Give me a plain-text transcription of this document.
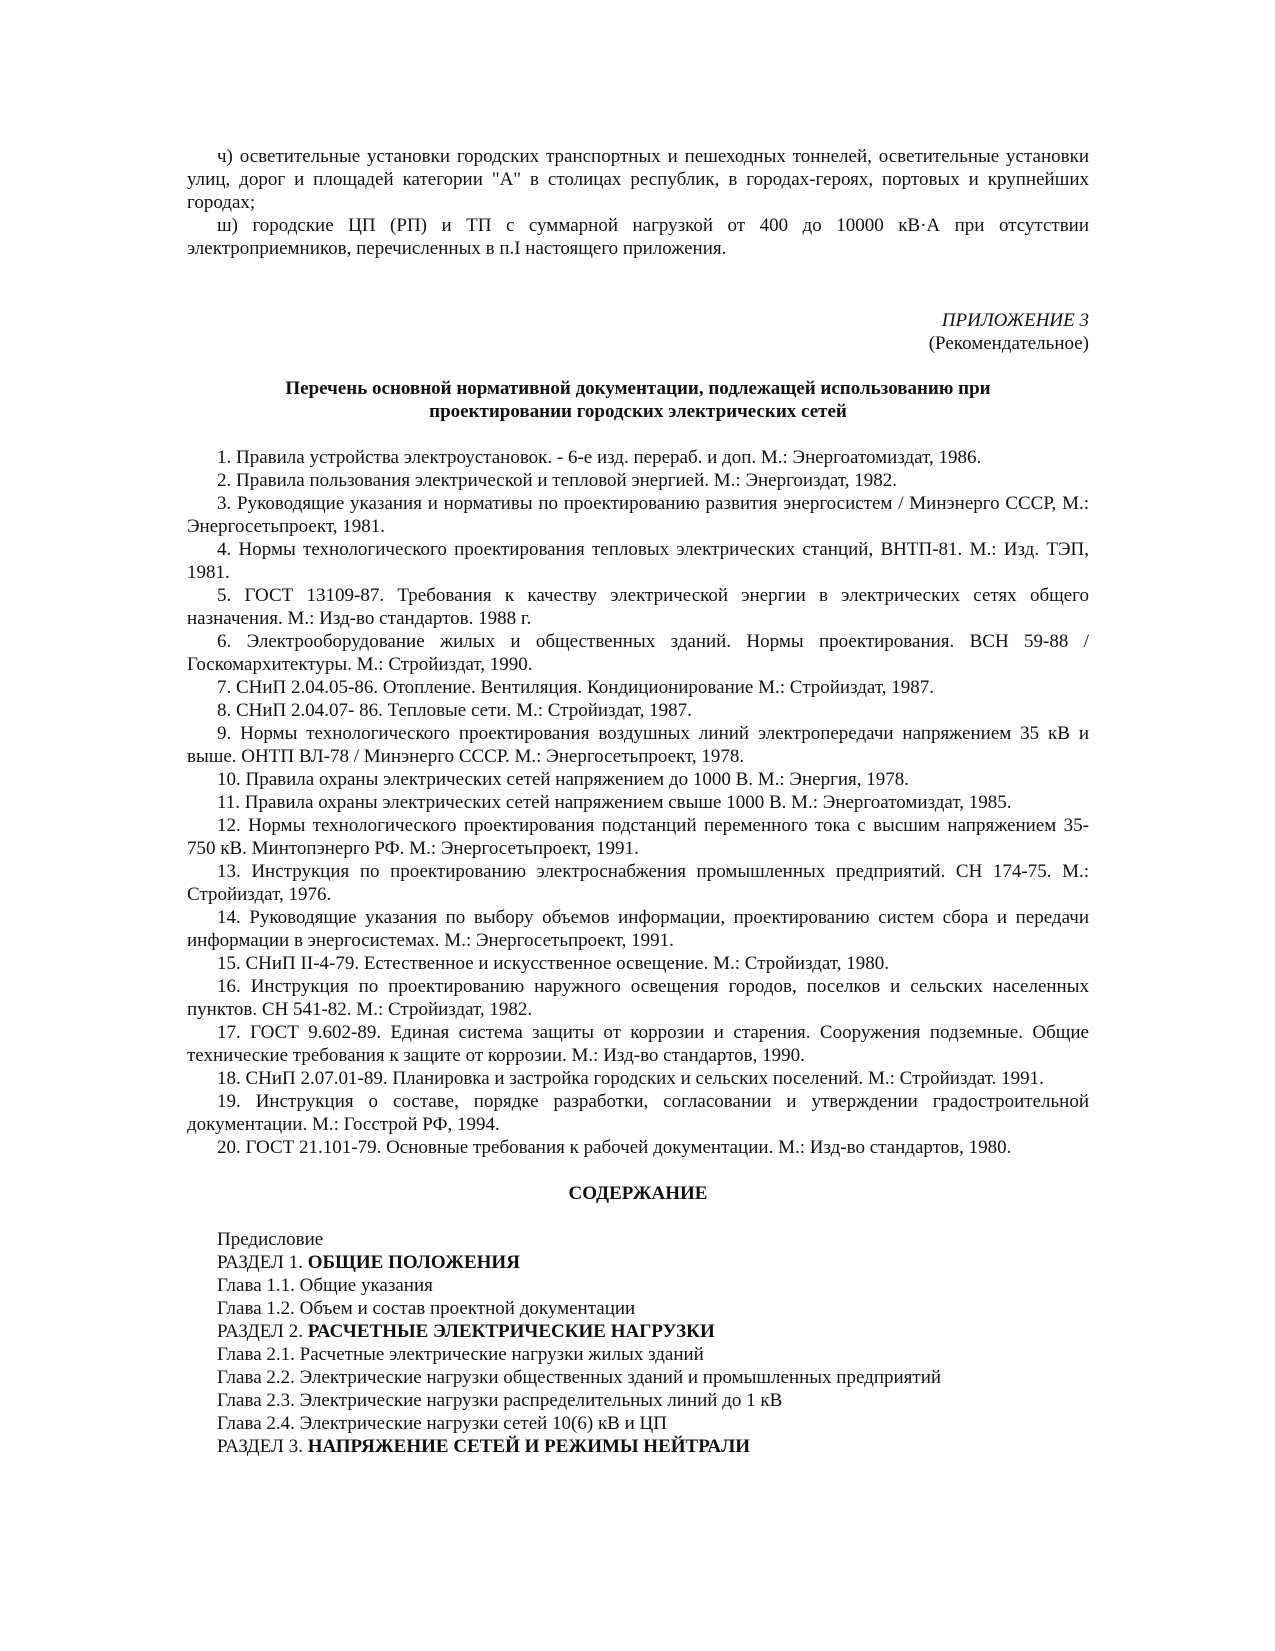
ч) осветительные установки городских транспортных и пешеходных тоннелей, осветительные установки улиц, дорог и площадей категории "А" в столицах республик, в городах-героях, портовых и крупнейших городах;

ш) городские ЦП (РП) и ТП с суммарной нагрузкой от 400 до 10000 кВ·А при отсутствии электроприемников, перечисленных в п.I настоящего приложения.

ПРИЛОЖЕНИЕ 3
(Рекомендательное)
Перечень основной нормативной документации, подлежащей использованию при проектировании городских электрических сетей

1. Правила устройства электроустановок. - 6-е изд. перераб. и доп. М.: Энергоатомиздат, 1986.

2. Правила пользования электрической и тепловой энергией. М.: Энергоиздат, 1982.

3. Руководящие указания и нормативы по проектированию развития энергосистем / Минэнерго СССР, М.: Энергосетьпроект, 1981.

4. Нормы технологического проектирования тепловых электрических станций, ВНТП-81. М.: Изд. ТЭП, 1981.

5. ГОСТ 13109-87. Требования к качеству электрической энергии в электрических сетях общего назначения. М.: Изд-во стандартов. 1988 г.

6. Электрооборудование жилых и общественных зданий. Нормы проектирования. ВСН 59-88 / Госкомархитектуры. М.: Стройиздат, 1990.

7. СНиП 2.04.05-86. Отопление. Вентиляция. Кондиционирование М.: Стройиздат, 1987.

8. СНиП 2.04.07- 86. Тепловые сети. М.: Стройиздат, 1987.

9. Нормы технологического проектирования воздушных линий электропередачи напряжением 35 кВ и выше. ОНТП ВЛ-78 / Минэнерго СССР. М.: Энергосетьпроект, 1978.

10. Правила охраны электрических сетей напряжением до 1000 В. М.: Энергия, 1978.

11. Правила охраны электрических сетей напряжением свыше 1000 В. М.: Энергоатомиздат, 1985.

12. Нормы технологического проектирования подстанций переменного тока с высшим напряжением 35-750 кВ. Минтопэнерго РФ. М.: Энергосетьпроект, 1991.

13. Инструкция по проектированию электроснабжения промышленных предприятий. СН 174-75. М.: Стройиздат, 1976.

14. Руководящие указания по выбору объемов информации, проектированию систем сбора и передачи информации в энергосистемах. М.: Энергосетьпроект, 1991.

15. СНиП II-4-79. Естественное и искусственное освещение. М.: Стройиздат, 1980.

16. Инструкция по проектированию наружного освещения городов, поселков и сельских населенных пунктов. СН 541-82. М.: Стройиздат, 1982.

17. ГОСТ 9.602-89. Единая система защиты от коррозии и старения. Сооружения подземные. Общие технические требования к защите от коррозии. М.: Изд-во стандартов, 1990.

18. СНиП 2.07.01-89. Планировка и застройка городских и сельских поселений. М.: Стройиздат. 1991.

19. Инструкция о составе, порядке разработки, согласовании и утверждении градостроительной документации. М.: Госстрой РФ, 1994.

20. ГОСТ 21.101-79. Основные требования к рабочей документации. М.: Изд-во стандартов, 1980.

СОДЕРЖАНИЕ
Предисловие
РАЗДЕЛ 1. ОБЩИЕ ПОЛОЖЕНИЯ
Глава 1.1. Общие указания
Глава 1.2. Объем и состав проектной документации
РАЗДЕЛ 2. РАСЧЕТНЫЕ ЭЛЕКТРИЧЕСКИЕ НАГРУЗКИ
Глава 2.1. Расчетные электрические нагрузки жилых зданий
Глава 2.2. Электрические нагрузки общественных зданий и промышленных предприятий
Глава 2.3. Электрические нагрузки распределительных линий до 1 кВ
Глава 2.4. Электрические нагрузки сетей 10(6) кВ и ЦП
РАЗДЕЛ 3. НАПРЯЖЕНИЕ СЕТЕЙ И РЕЖИМЫ НЕЙТРАЛИ
